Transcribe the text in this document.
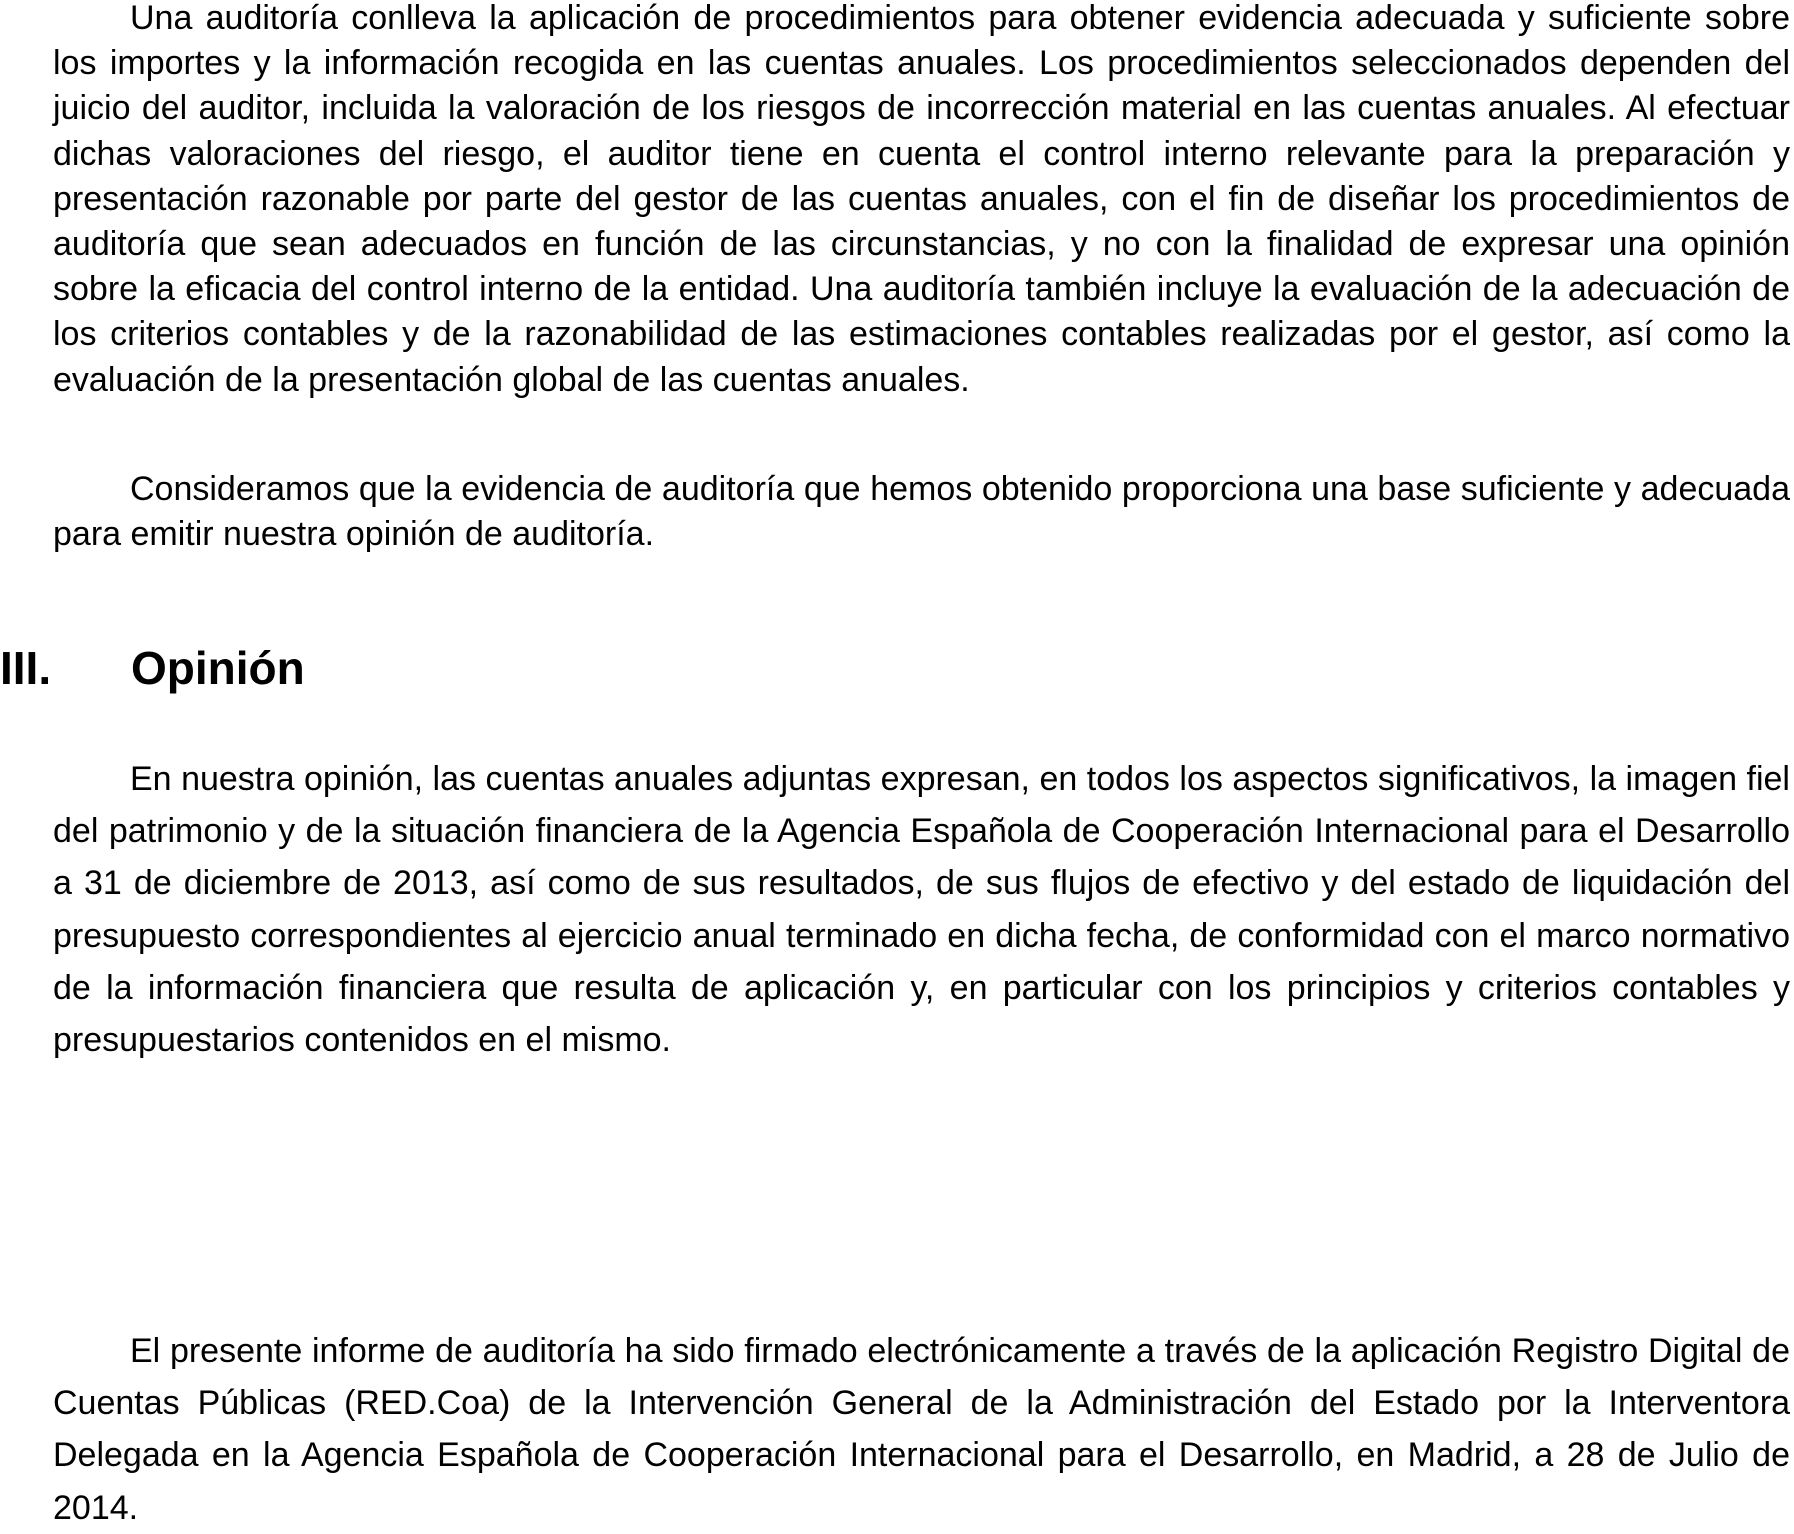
Una auditoría conlleva la aplicación de procedimientos para obtener evidencia adecuada y suficiente sobre los importes y la información recogida en las cuentas anuales. Los procedimientos seleccionados dependen del juicio del auditor, incluida la valoración de los riesgos de incorrección material en las cuentas anuales. Al efectuar dichas valoraciones del riesgo, el auditor tiene en cuenta el control interno relevante para la preparación y presentación razonable por parte del gestor de las cuentas anuales, con el fin de diseñar los procedimientos de auditoría que sean adecuados en función de las circunstancias, y no con la finalidad de expresar una opinión sobre la eficacia del control interno de la entidad. Una auditoría también incluye la evaluación de la adecuación de los criterios contables y de la razonabilidad de las estimaciones contables realizadas por el gestor, así como la evaluación de la presentación global de las cuentas anuales.

Consideramos que la evidencia de auditoría que hemos obtenido proporciona una base suficiente y adecuada para emitir nuestra opinión de auditoría.

III. Opinión

En nuestra opinión, las cuentas anuales adjuntas expresan, en todos los aspectos significativos, la imagen fiel del patrimonio y de la situación financiera de la Agencia Española de Cooperación Internacional para el Desarrollo a 31 de diciembre de 2013, así como de sus resultados, de sus flujos de efectivo y del estado de liquidación del presupuesto correspondientes al ejercicio anual terminado en dicha fecha, de conformidad con el marco normativo de la información financiera que resulta de aplicación y, en particular con los principios y criterios contables y presupuestarios contenidos en el mismo.

El presente informe de auditoría ha sido firmado electrónicamente a través de la aplicación Registro Digital de Cuentas Públicas (RED.Coa) de la Intervención General de la Administración del Estado por la Interventora Delegada en la Agencia Española de Cooperación Internacional para el Desarrollo, en Madrid, a 28 de Julio de 2014.
